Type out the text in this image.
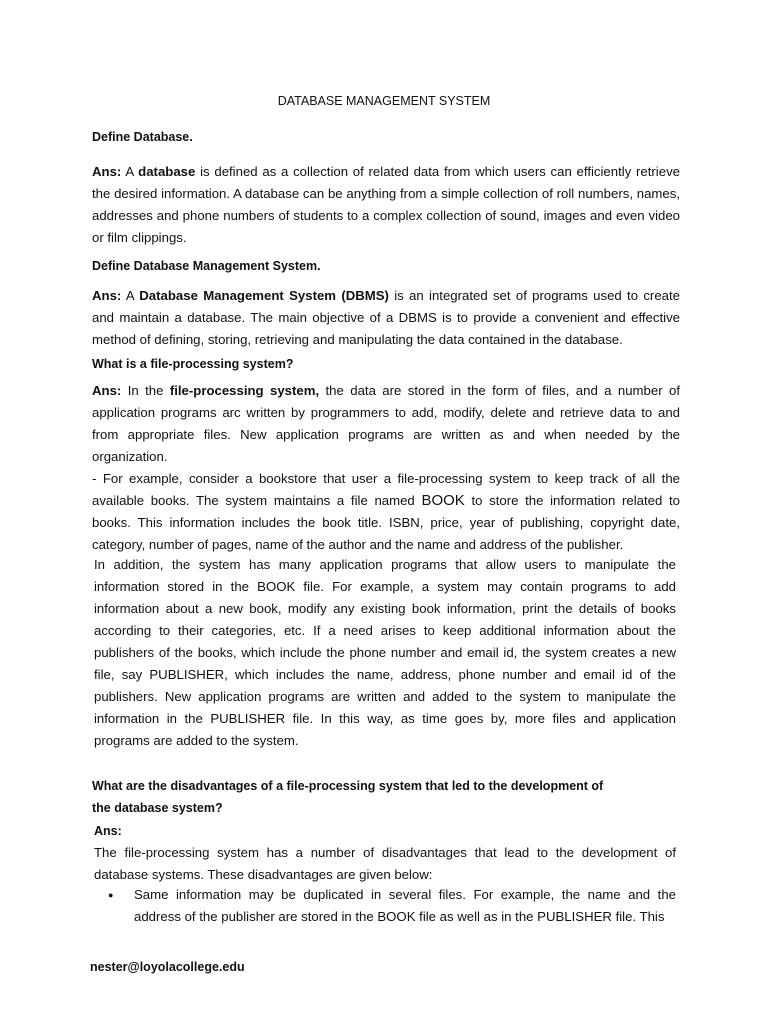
DATABASE MANAGEMENT SYSTEM
Define Database.

Ans: A database is defined as a collection of related data from which users can efficiently retrieve the desired information. A database can be anything from a simple collection of roll numbers, names, addresses and phone numbers of students to a complex collection of sound, images and even video or film clippings.

Define Database Management System.

Ans: A Database Management System (DBMS) is an integrated set of programs used to create and maintain a database. The main objective of a DBMS is to provide a convenient and effective method of defining, storing, retrieving and manipulating the data contained in the database.

What is a file-processing system?

Ans: In the file-processing system, the data are stored in the form of files, and a number of application programs arc written by programmers to add, modify, delete and retrieve data to and from appropriate files. New application programs are written as and when needed by the organization.

- For example, consider a bookstore that user a file-processing system to keep track of all the available books. The system maintains a file named BOOK to store the information related to books. This information includes the book title. ISBN, price, year of publishing, copyright date, category, number of pages, name of the author and the name and address of the publisher.

In addition, the system has many application programs that allow users to manipulate the information stored in the BOOK file. For example, a system may contain programs to add information about a new book, modify any existing book information, print the details of books according to their categories, etc. If a need arises to keep additional information about the publishers of the books, which include the phone number and email id, the system creates a new file, say PUBLISHER, which includes the name, address, phone number and email id of the publishers. New application programs are written and added to the system to manipulate the information in the PUBLISHER file. In this way, as time goes by, more files and application programs are added to the system.

What are the disadvantages of a file-processing system that led to the development of
the database system?
Ans:

The file-processing system has a number of disadvantages that lead to the development of database systems. These disadvantages are given below:

● Same information may be duplicated in several files. For example, the name and the address of the publisher are stored in the BOOK file as well as in the PUBLISHER file. This
nester@loyolacollege.edu
